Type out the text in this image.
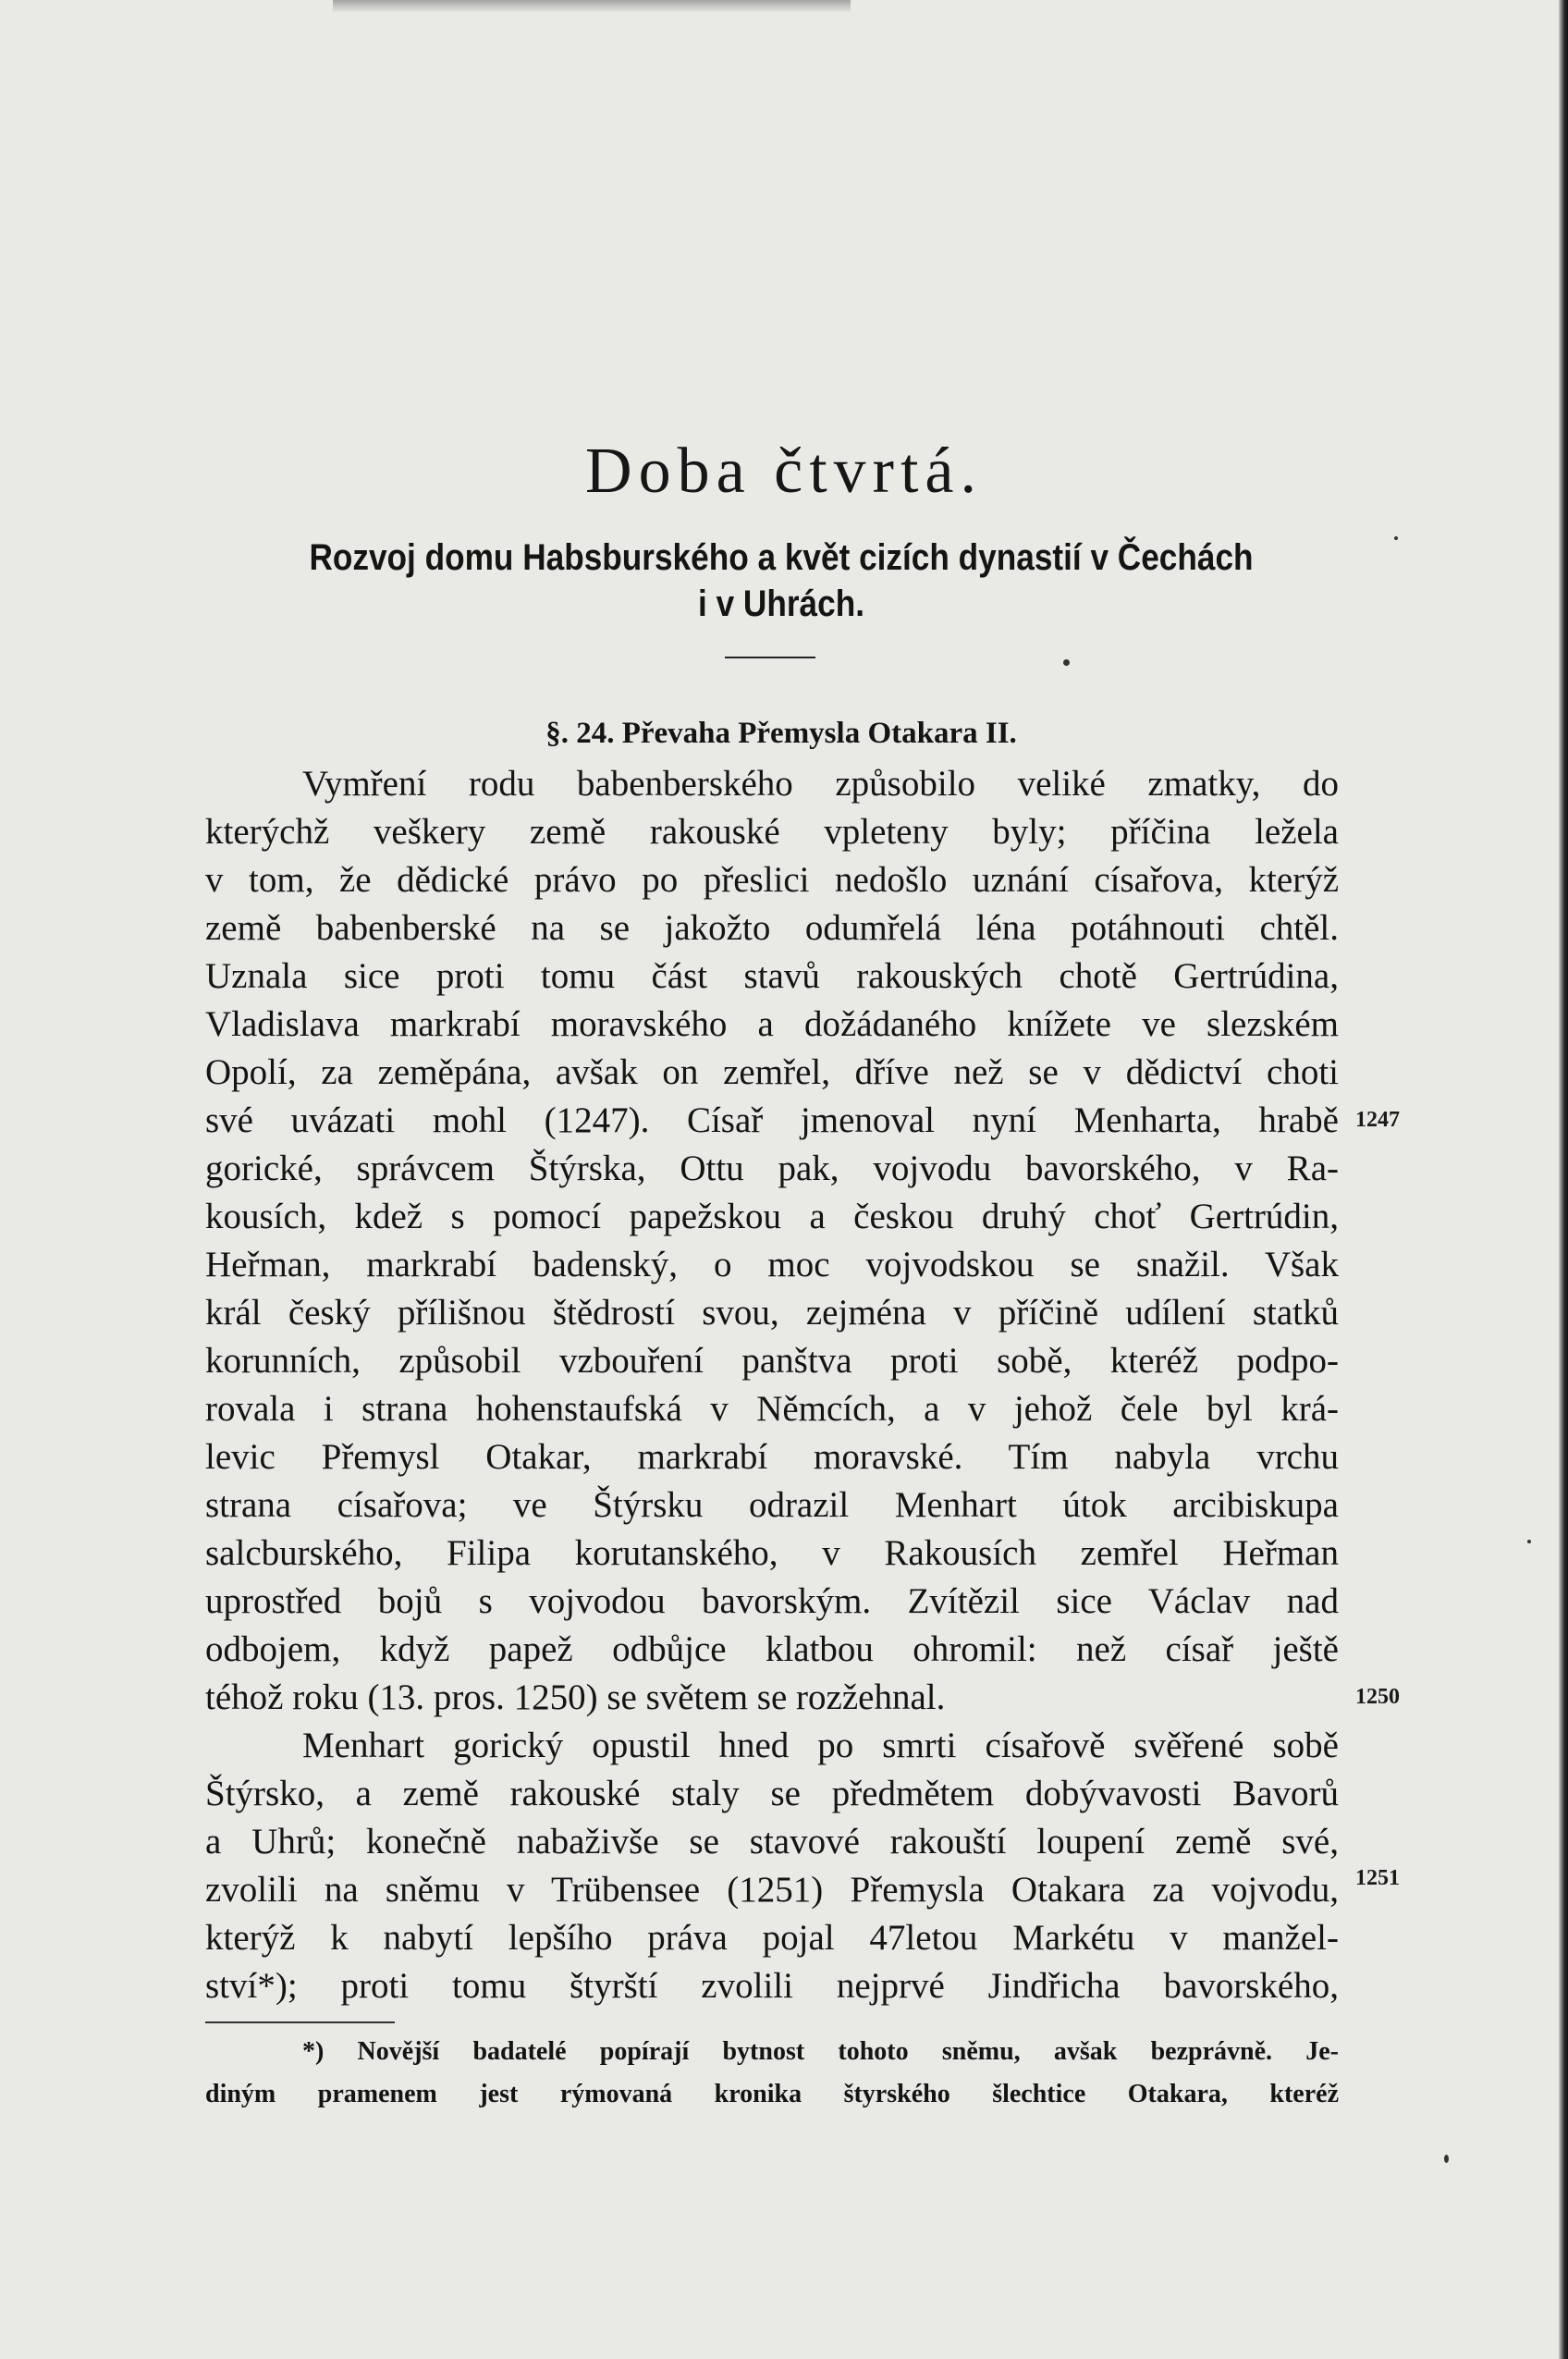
Doba čtvrtá.
Rozvoj domu Habsburského a květ cizích dynastií v Čechách
i v Uhrách.
§. 24. Převaha Přemysla Otakara II.
Vymření rodu babenberského způsobilo veliké zmatky, do
kterýchž veškery země rakouské vpleteny byly; příčina ležela
v tom, že dědické právo po přeslici nedošlo uznání císařova, kterýž
země babenberské na se jakožto odumřelá léna potáhnouti chtěl.
Uznala sice proti tomu část stavů rakouských chotě Gertrúdina,
Vladislava markrabí moravského a dožádaného knížete ve slezském
Opolí, za zeměpána, avšak on zemřel, dříve než se v dědictví choti
své uvázati mohl (1247). Císař jmenoval nyní Menharta, hrabě
gorické, správcem Štýrska, Ottu pak, vojvodu bavorského, v Ra-
kousích, kdež s pomocí papežskou a českou druhý choť Gertrúdin,
Heřman, markrabí badenský, o moc vojvodskou se snažil. Však
král český přílišnou štědrostí svou, zejména v příčině udílení statků
korunních, způsobil vzbouření panštva proti sobě, kteréž podpo-
rovala i strana hohenstaufská v Němcích, a v jehož čele byl krá-
levic Přemysl Otakar, markrabí moravské. Tím nabyla vrchu
strana císařova; ve Štýrsku odrazil Menhart útok arcibiskupa
salcburského, Filipa korutanského, v Rakousích zemřel Heřman
uprostřed bojů s vojvodou bavorským. Zvítězil sice Václav nad
odbojem, když papež odbůjce klatbou ohromil: než císař ještě
téhož roku (13. pros. 1250) se světem se rozžehnal.
Menhart gorický opustil hned po smrti císařově svěřené sobě
Štýrsko, a země rakouské staly se předmětem dobývavosti Bavorů
a Uhrů; konečně nabaživše se stavové rakouští loupení země své,
zvolili na sněmu v Trübensee (1251) Přemysla Otakara za vojvodu,
kterýž k nabytí lepšího práva pojal 47letou Markétu v manžel-
ství*); proti tomu štyrští zvolili nejprvé Jindřicha bavorského,
1247
1250
1251
*) Novější badatelé popírají bytnost tohoto sněmu, avšak bezprávně. Je-
diným pramenem jest rýmovaná kronika štyrského šlechtice Otakara, kteréž
